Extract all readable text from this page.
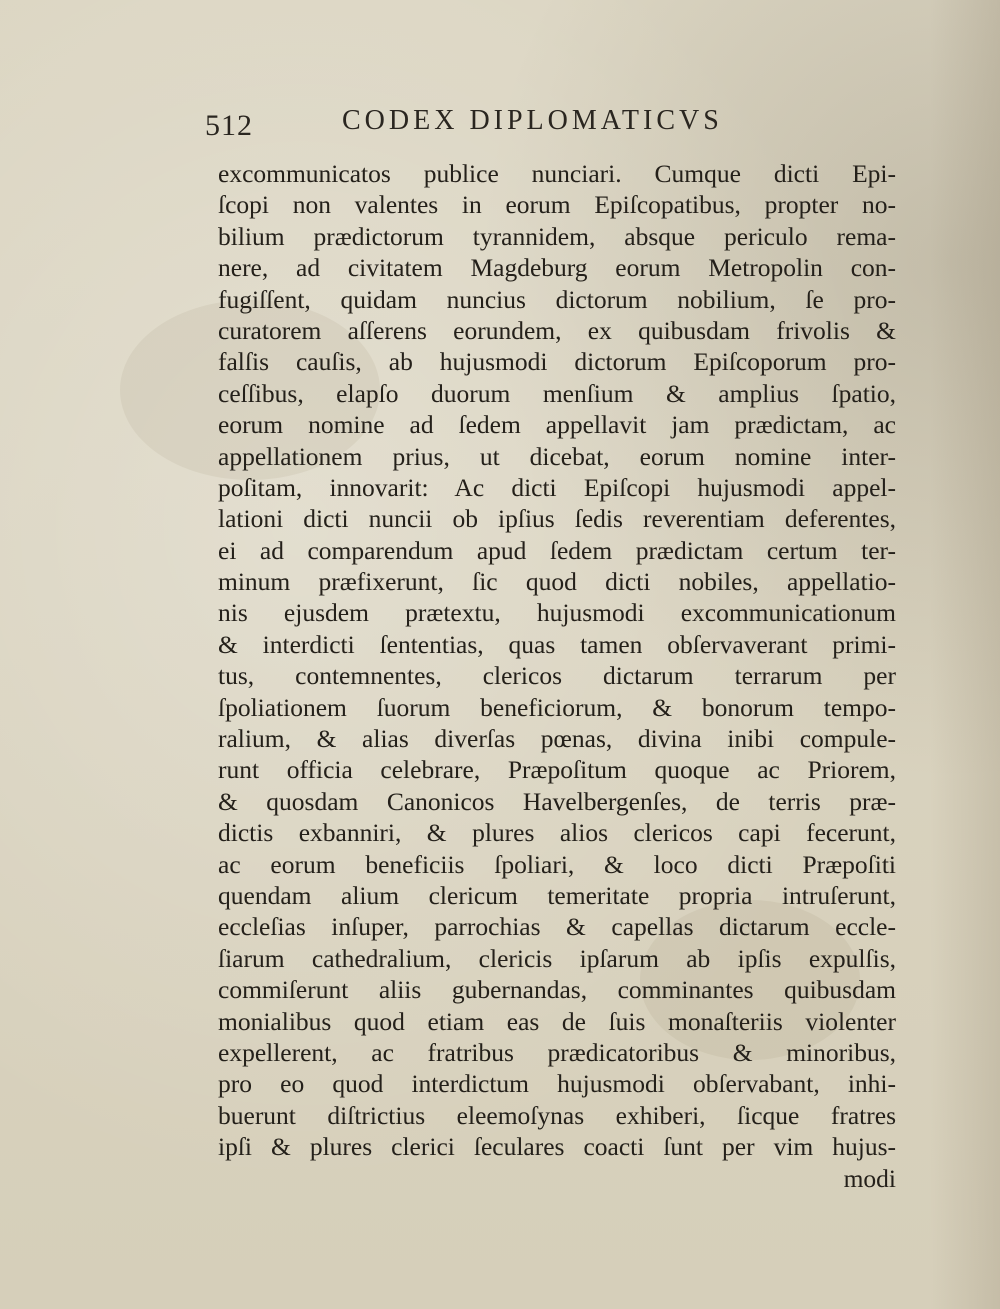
512	CODEX DIPLOMATICVS
excommunicatos publice nunciari. Cumque dicti Epi-
ſcopi non valentes in eorum Epiſcopatibus, propter no-
bilium prædictorum tyrannidem, absque periculo rema-
nere, ad civitatem Magdeburg eorum Metropolin con-
fugiſſent, quidam nuncius dictorum nobilium, ſe pro-
curatorem aſſerens eorundem, ex quibusdam frivolis &
falſis cauſis, ab hujusmodi dictorum Epiſcoporum pro-
ceſſibus, elapſo duorum menſium & amplius ſpatio,
eorum nomine ad ſedem appellavit jam prædictam, ac
appellationem prius, ut dicebat, eorum nomine inter-
poſitam, innovarit: Ac dicti Epiſcopi hujusmodi appel-
lationi dicti nuncii ob ipſius ſedis reverentiam deferentes,
ei ad comparendum apud ſedem prædictam certum ter-
minum præfixerunt, ſic quod dicti nobiles, appellatio-
nis ejusdem prætextu, hujusmodi excommunicationum
& interdicti ſententias, quas tamen obſervaverant primi-
tus, contemnentes, clericos dictarum terrarum per
ſpoliationem ſuorum beneficiorum, & bonorum tempo-
ralium, & alias diverſas pœnas, divina inibi compule-
runt officia celebrare, Præpoſitum quoque ac Priorem,
& quosdam Canonicos Havelbergenſes, de terris præ-
dictis exbanniri, & plures alios clericos capi fecerunt,
ac eorum beneficiis ſpoliari, & loco dicti Præpoſiti
quendam alium clericum temeritate propria intruſerunt,
eccleſias inſuper, parrochias & capellas dictarum eccle-
ſiarum cathedralium, clericis ipſarum ab ipſis expulſis,
commiſerunt aliis gubernandas, comminantes quibusdam
monialibus quod etiam eas de ſuis monaſteriis violenter
expellerent, ac fratribus prædicatoribus & minoribus,
pro eo quod interdictum hujusmodi obſervabant, inhi-
buerunt diſtrictius eleemoſynas exhiberi, ſicque fratres
ipſi & plures clerici ſeculares coacti ſunt per vim hujus-
modi
